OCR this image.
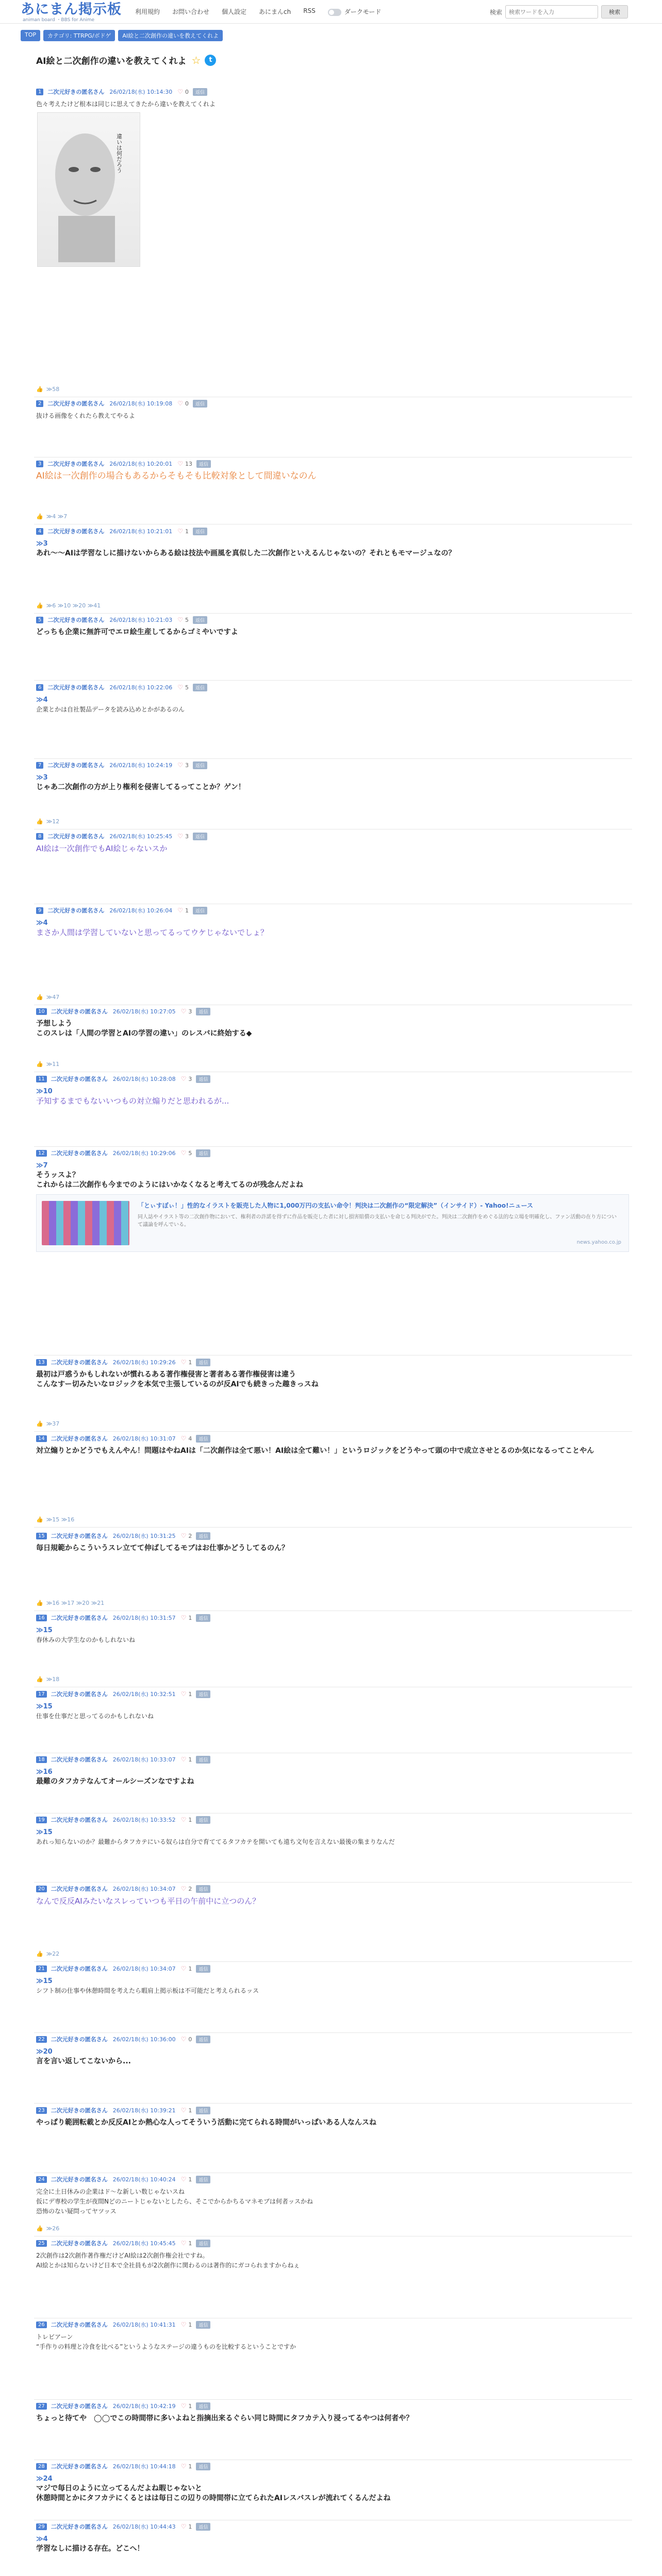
あにまん掲示板
animan board ・BBS for Anime
利用規約 お問い合わせ 個人設定 あにまんch RSS	ダークモード	検索
検索ワードを入力	検索
TOP	カテゴリ: TTRPG/ボドゲ	AI絵と二次創作の違いを教えてくれよ
AI絵と二次創作の違いを教えてくれよ ☆	t
1	二次元好きの匿名さん 26/02/18(水) 10:14:30 ♡ 0	返信
色々考えたけど根本は同じに思えてきたから違いを教えてくれよ
違いは何だろう
👍 ≫58
2	二次元好きの匿名さん 26/02/18(水) 10:19:08 ♡ 0	返信
抜ける画像をくれたら教えてやるよ
3	二次元好きの匿名さん 26/02/18(水) 10:20:01 ♡ 13	返信
AI絵は一次創作の場合もあるからそもそも比較対象として間違いなのん
👍 ≫4 ≫7
4	二次元好きの匿名さん 26/02/18(水) 10:21:01 ♡ 1	返信
≫3
あれ〜〜AIは学習なしに描けないからある絵は技法や画風を真似した二次創作といえるんじゃないの？それともモマージュなの？
👍 ≫6 ≫10 ≫20 ≫41
5	二次元好きの匿名さん 26/02/18(水) 10:21:03 ♡ 5	返信
どっちも企業に無許可でエロ絵生産してるからゴミやいですよ
6	二次元好きの匿名さん 26/02/18(水) 10:22:06 ♡ 5	返信
≫4
企業とかは自社製品データを読み込めとかがあるのん
7	二次元好きの匿名さん 26/02/18(水) 10:24:19 ♡ 3	返信
≫3
じゃあ二次創作の方が上り権利を侵害してるってことか？ゲン！
👍 ≫12
8	二次元好きの匿名さん 26/02/18(水) 10:25:45 ♡ 3	返信
AI絵は一次創作でもAI絵じゃないスか
9	二次元好きの匿名さん 26/02/18(水) 10:26:04 ♡ 1	返信
≫4
まさか人間は学習していないと思ってるってウケじゃないでしょ？
👍 ≫47
10	二次元好きの匿名さん 26/02/18(水) 10:27:05 ♡ 3	返信
予想しよう
このスレは「人間の学習とAIの学習の違い」のレスバに終始する◆
👍 ≫11
11	二次元好きの匿名さん 26/02/18(水) 10:28:08 ♡ 3	返信
≫10
予知するまでもないいつもの対立煽りだと思われるが...
12	二次元好きの匿名さん 26/02/18(水) 10:29:06 ♡ 5	返信
≫7
そうッスよ？
これからは二次創作も今までのようにはいかなくなると考えてるのが残念んだよね
「とぃすぼぃ！」性的なイラストを販売した人物に1,000万円の支払い命令！判決は二次創作の“限定解決”（インサイド）- Yahoo!ニュース
同人誌やイラスト等の二次創作物において、権利者の許諾を得ずに作品を販売した者に対し損害賠償の支払いを命じる判決がでた。判決は二次創作をめぐる法的な立場を明確化し、ファン活動の在り方について議論を呼んでいる。
news.yahoo.co.jp
13	二次元好きの匿名さん 26/02/18(水) 10:29:26 ♡ 1	返信
最初は戸惑うかもしれないが慣れるある著作権侵害と著者ある著作権侵害は違う
こんなすー切みたいなロジックを本気で主張しているのが反AIでも続きった趣きっスね
👍 ≫37
14	二次元好きの匿名さん 26/02/18(水) 10:31:07 ♡ 4	返信
対立煽りとかどうでもえんやん！問題はやねAIは「二次創作は全て悪い！AI絵は全て難い！」というロジックをどうやって頭の中で成立させとるのか気になるってことやん
👍 ≫15 ≫16
15	二次元好きの匿名さん 26/02/18(水) 10:31:25 ♡ 2	返信
毎日規範からこういうスレ立てて伸ばしてるモブはお仕事かどうしてるのん？
👍 ≫16 ≫17 ≫20 ≫21
16	二次元好きの匿名さん 26/02/18(水) 10:31:57 ♡ 1	返信
≫15
春休みの大学生なのかもしれないね
👍 ≫18
17	二次元好きの匿名さん 26/02/18(水) 10:32:51 ♡ 1	返信
≫15
仕事を仕事だと思ってるのかもしれないね
18	二次元好きの匿名さん 26/02/18(水) 10:33:07 ♡ 1	返信
≫16
最難のタフカテなんてオールシーズンなですよね
19	二次元好きの匿名さん 26/02/18(水) 10:33:52 ♡ 1	返信
≫15
あれっ知らないのか？最難からタフカテにいる奴らは自分で育ててるタフカテを開いても遠ち文句を言えない最後の集まりなんだ
20	二次元好きの匿名さん 26/02/18(水) 10:34:07 ♡ 2	返信
なんで反反AIみたいなスレっていつも平日の午前中に立つのん？
👍 ≫22
21	二次元好きの匿名さん 26/02/18(水) 10:34:07 ♡ 1	返信
≫15
シフト制の仕事や休憩時間を考えたら暇肩上掲示板は不可能だと考えられるッス
22	二次元好きの匿名さん 26/02/18(水) 10:36:00 ♡ 0	返信
≫20
言を言い返してこないから...
23	二次元好きの匿名さん 26/02/18(水) 10:39:21 ♡ 1	返信
やっぱり範囲転載とか反反AIとか熱心な人ってそういう活動に完てられる時間がいっぱいある人なんスね
24	二次元好きの匿名さん 26/02/18(水) 10:40:24 ♡ 1	返信
完全に土日休みの企業はド〜な新しい数じゃないスね
仮にデ専校の学生が夜間Nどのニートじゃないとしたら、そこでからかちるマネモブは何者ッスかね
恐怖のない疑問ってヤツッス
👍 ≫26
25	二次元好きの匿名さん 26/02/18(水) 10:45:45 ♡ 1	返信
2次創作は2次創作著作権だけどAI絵は2次創作権会社ですね。
AI絵とかは知らないけど日本で全社員もが2次創作に関わるのは著作的にガコられますからねぇ
26	二次元好きの匿名さん 26/02/18(水) 10:41:31 ♡ 1	返信
トレビアーン
“手作りの料理と冷食を比べる”というようなステージの違うものを比較するということですか
27	二次元好きの匿名さん 26/02/18(水) 10:42:19 ♡ 1	返信
ちょっと待てや　◯◯でこの時間帯に多いよねと指摘出来るぐらい同じ時間にタフカテ入り浸ってるやつは何者や？
28	二次元好きの匿名さん 26/02/18(水) 10:44:18 ♡ 1	返信
≫24
マジで毎日のように立ってるんだよね暇じゃないと
休憩時間とかにタフカテにくるとはは毎日この辺りの時間帯に立てられたAIレスバスレが流れてくるんだよね
29	二次元好きの匿名さん 26/02/18(水) 10:44:43 ♡ 1	返信
≫4
学習なしに描ける存在。どこへ！
